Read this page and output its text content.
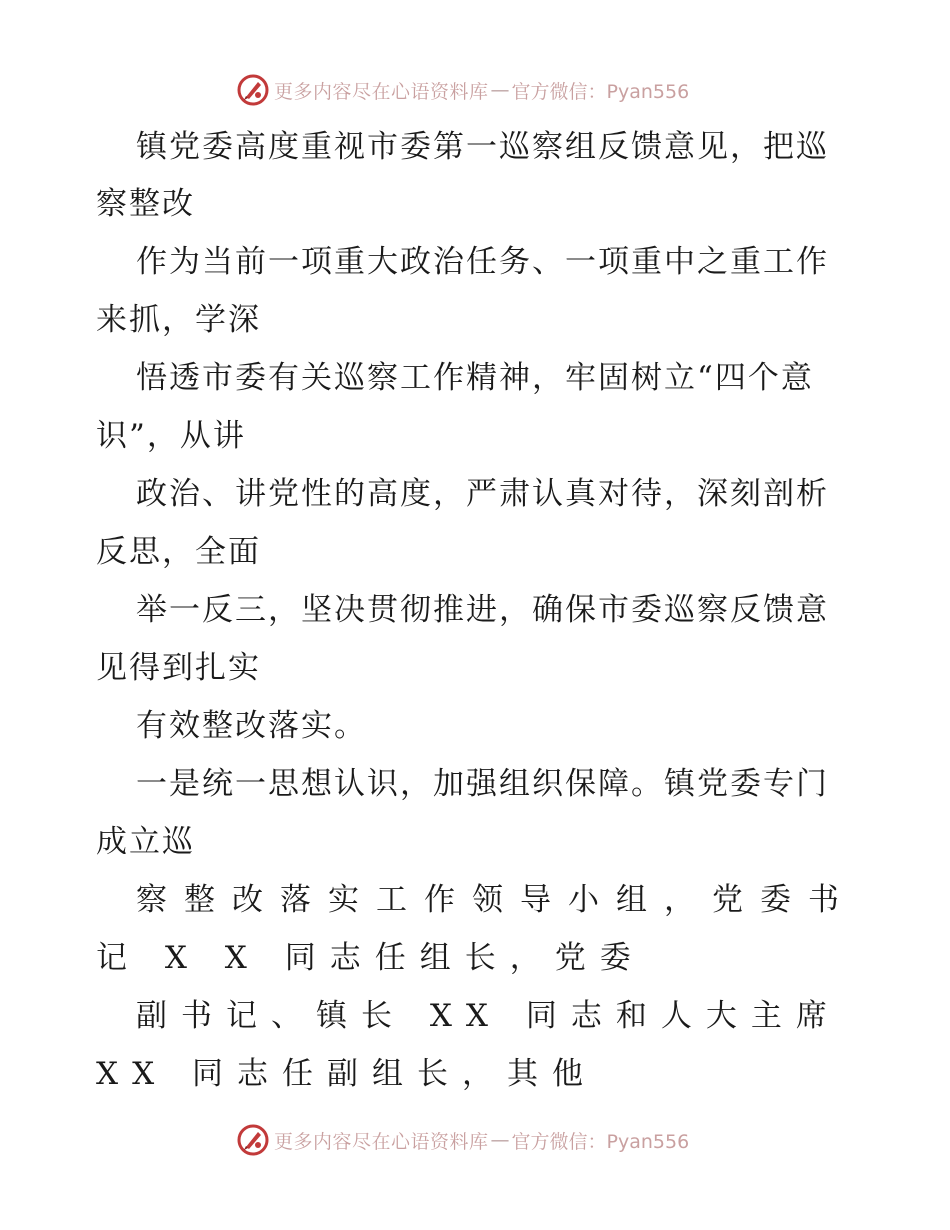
更多内容尽在心语资料库 — 官方微信：Pyan556
镇党委高度重视市委第一巡察组反馈意见，把巡
察整改
作为当前一项重大政治任务、一项重中之重工作
来抓，学深
悟透市委有关巡察工作精神，牢固树立“四个意
识”，从讲
政治、讲党性的高度，严肃认真对待，深刻剖析
反思，全面
举一反三，坚决贯彻推进，确保市委巡察反馈意
见得到扎实
有效整改落实。
一是统一思想认识，加强组织保障。镇党委专门
成立巡
察整改落实工作领导小组，党委书
记 X X 同志任组长，党委
副书记、镇长 XX 同志和人大主席
XX 同志任副组长，其他
更多内容尽在心语资料库 — 官方微信：Pyan556
